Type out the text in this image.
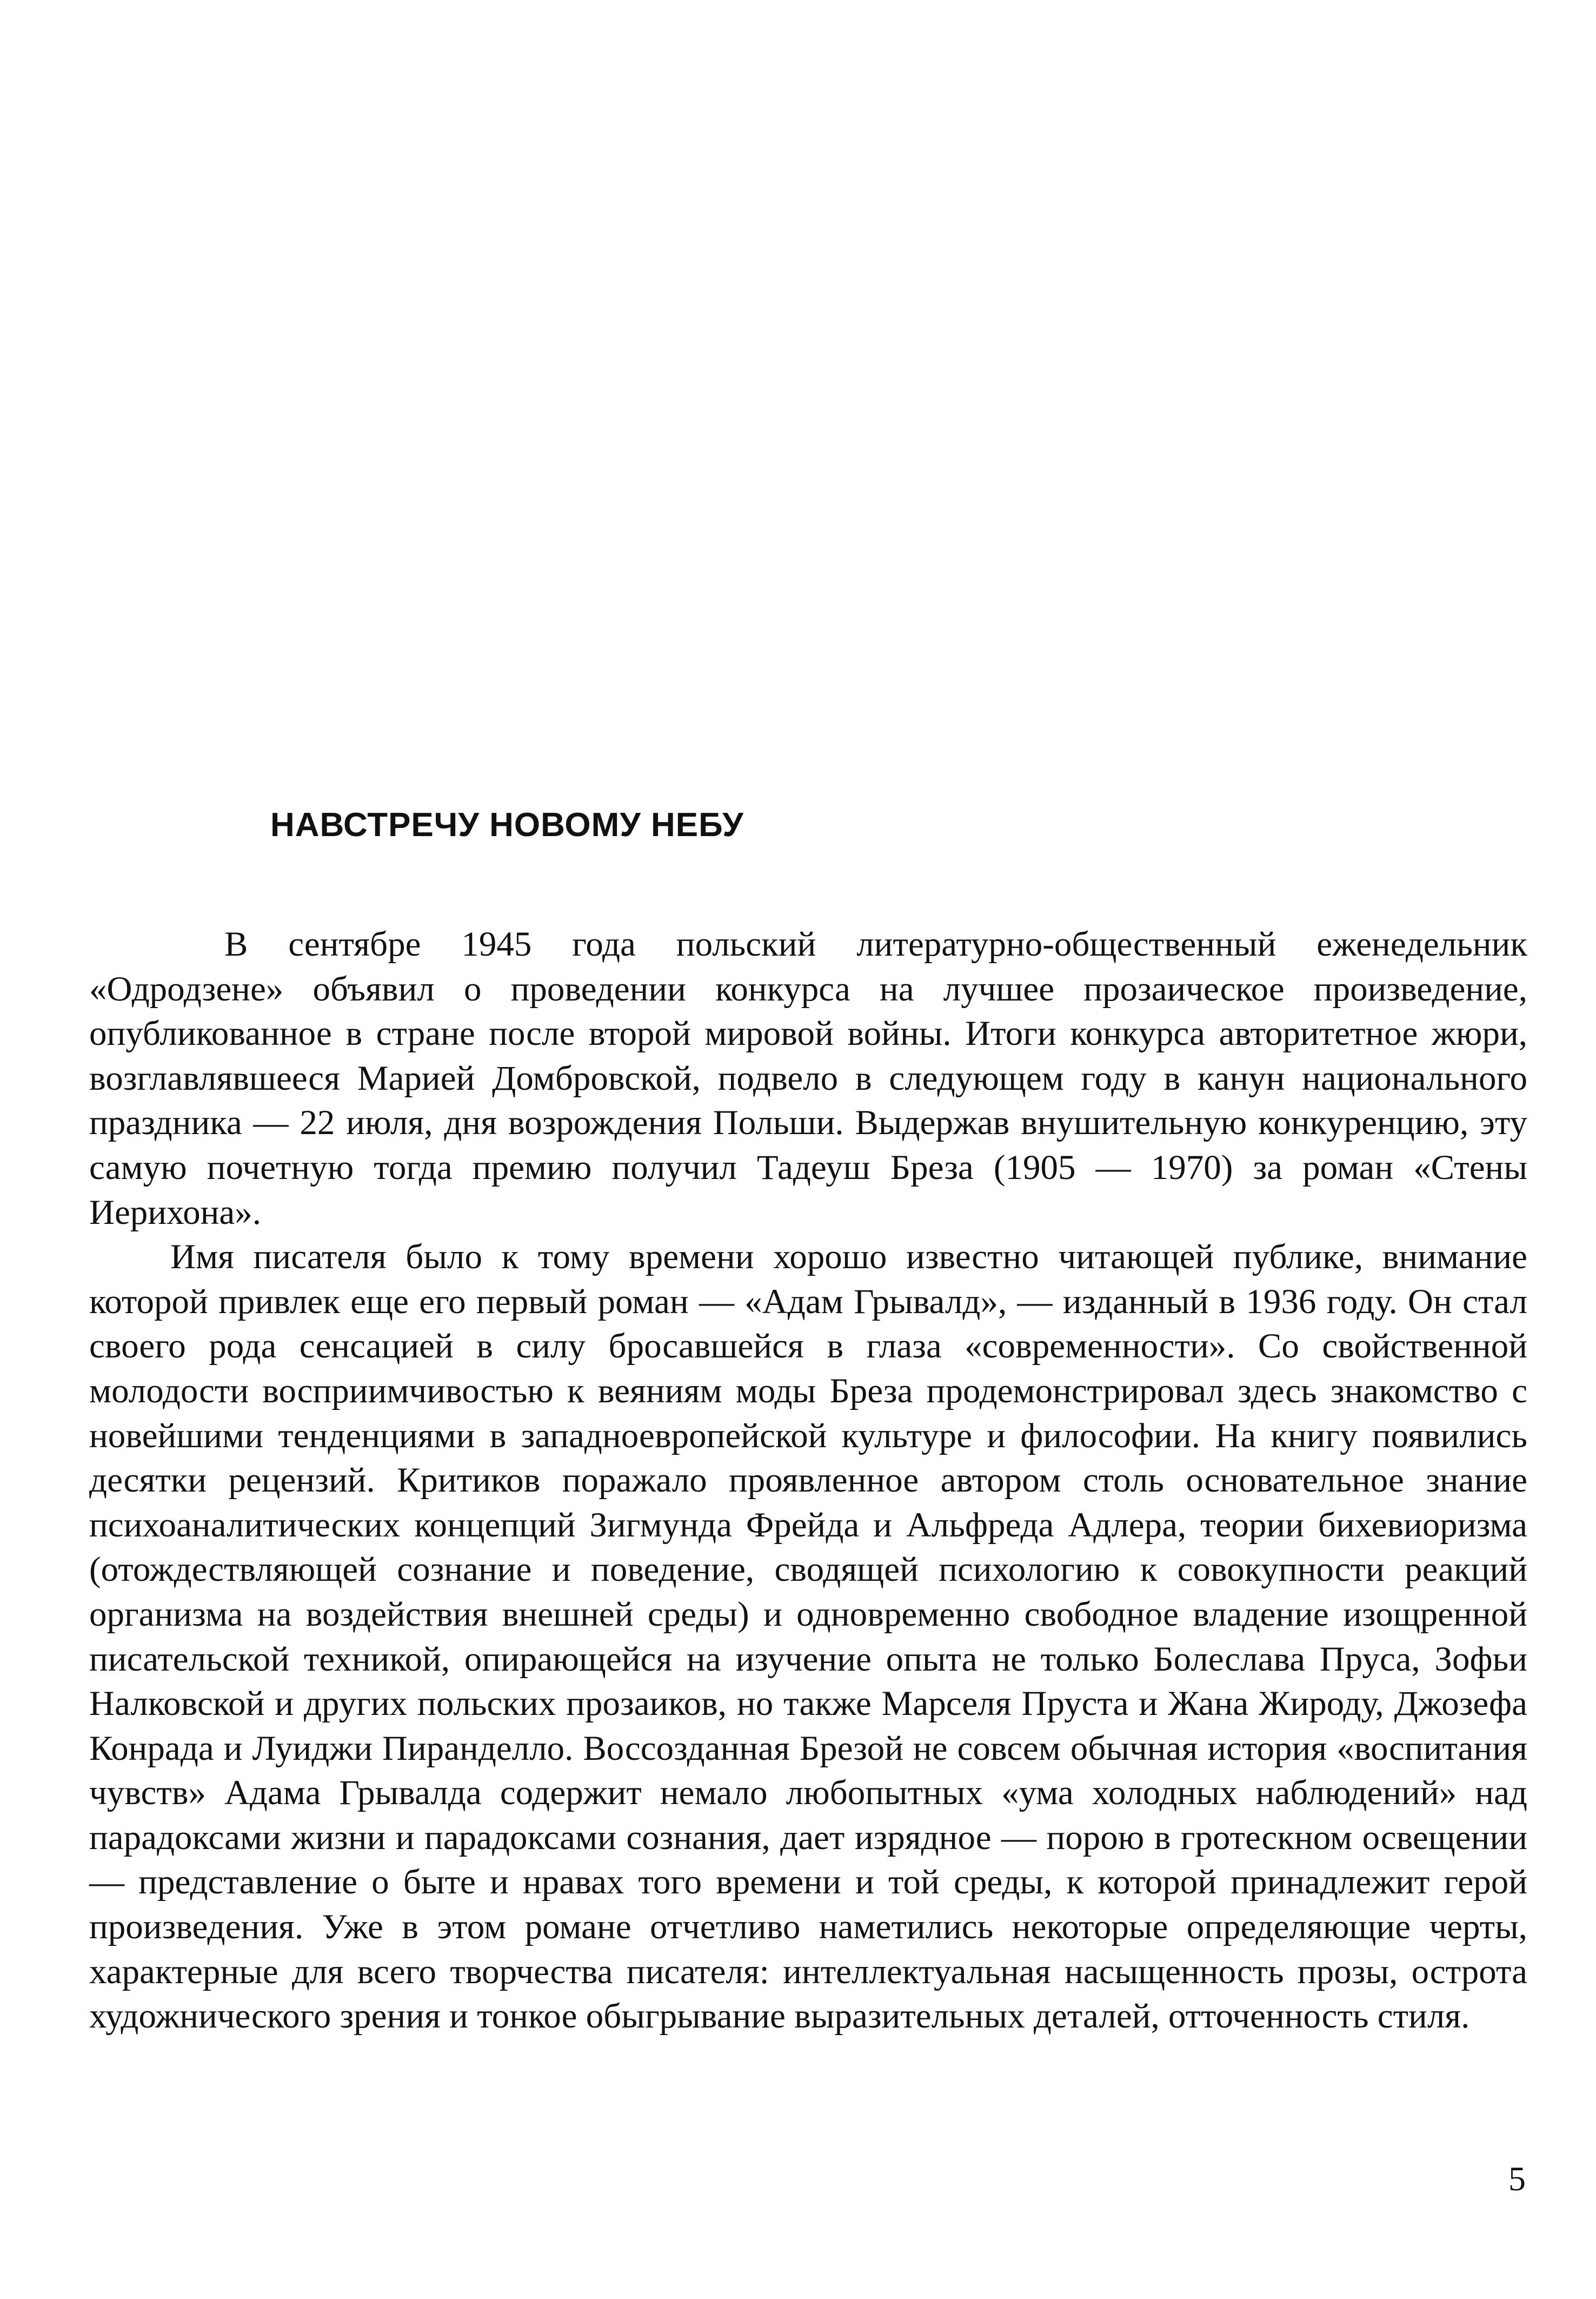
НАВСТРЕЧУ НОВОМУ НЕБУ

В сентябре 1945 года польский литературно-общественный еженедельник «Одродзене» объявил о проведении конкурса на лучшее прозаическое произведение, опубликованное в стране после второй мировой войны. Итоги конкурса авторитетное жюри, возглавлявшееся Марией Домбровской, подвело в следующем году в канун национального праздника — 22 июля, дня возрождения Польши. Выдержав внушительную конкуренцию, эту самую почетную тогда премию получил Тадеуш Бреза (1905 — 1970) за роман «Стены Иерихона».

Имя писателя было к тому времени хорошо известно читающей публике, внимание которой привлек еще его первый роман — «Адам Грывалд», — изданный в 1936 году. Он стал своего рода сенсацией в силу бросавшейся в глаза «современности». Со свойственной молодости восприимчивостью к веяниям моды Бреза продемонстрировал здесь знакомство с новейшими тенденциями в западноевропейской культуре и философии. На книгу появились десятки рецензий. Критиков поражало проявленное автором столь основательное знание психоаналитических концепций Зигмунда Фрейда и Альфреда Адлера, теории бихевиоризма (отождествляющей сознание и поведение, сводящей психологию к совокупности реакций организма на воздействия внешней среды) и одновременно свободное владение изощренной писательской техникой, опирающейся на изучение опыта не только Болеслава Пруса, Зофьи Налковской и других польских прозаиков, но также Марселя Пруста и Жана Жироду, Джозефа Конрада и Луиджи Пиранделло. Воссозданная Брезой не совсем обычная история «воспитания чувств» Адама Грывалда содержит немало любопытных «ума холодных наблюдений» над парадоксами жизни и парадоксами сознания, дает изрядное — порою в гротескном освещении — представление о быте и нравах того времени и той среды, к которой принадлежит герой произведения. Уже в этом романе отчетливо наметились некоторые определяющие черты, характерные для всего творчества писателя: интеллектуальная насыщенность прозы, острота художнического зрения и тонкое обыгрывание выразительных деталей, отточенность стиля.

5
